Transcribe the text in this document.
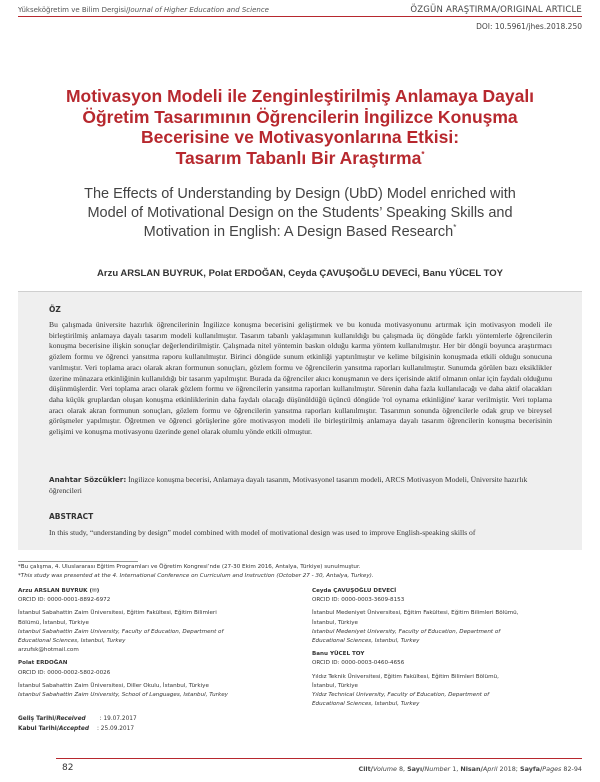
Yükseköğretim ve Bilim Dergisi/Journal of Higher Education and Science	ÖZGÜN ARAŞTIRMA/ORIGINAL ARTICLE
DOI: 10.5961/jhes.2018.250
Motivasyon Modeli ile Zenginleştirilmiş Anlamaya Dayalı
Öğretim Tasarımının Öğrencilerin İngilizce Konuşma
Becerisine ve Motivasyonlarına Etkisi:
Tasarım Tabanlı Bir Araştırma*
The Effects of Understanding by Design (UbD) Model enriched with
Model of Motivational Design on the Students’ Speaking Skills and
Motivation in English: A Design Based Research*
Arzu ARSLAN BUYRUK, Polat ERDOĞAN, Ceyda ÇAVUŞOĞLU DEVECİ, Banu YÜCEL TOY
ÖZ
Bu çalışmada üniversite hazırlık öğrencilerinin İngilizce konuşma becerisini geliştirmek ve bu konuda motivasyonunu artırmak için motivasyon modeli ile birleştirilmiş anlamaya dayalı tasarım modeli kullanılmıştır. Tasarım tabanlı yaklaşımının kullanıldığı bu çalışmada üç döngüde farklı yöntemlerle öğrencilerin konuşma becerisine ilişkin sonuçlar değerlendirilmiştir. Çalışmada nitel yöntemin baskın olduğu karma yöntem kullanılmıştır. Her bir döngü boyunca araştırmacı gözlem formu ve öğrenci yansıtma raporu kullanılmıştır. Birinci döngüde sunum etkinliği yaptırılmıştır ve kelime bilgisinin konuşmada etkili olduğu sonucuna varılmıştır. Veri toplama aracı olarak akran formunun sonuçları, gözlem formu ve öğrencilerin yansıtma raporları kullanılmıştır. Sunumda görülen bazı eksiklikler üzerine münazara etkinliğinin kullanıldığı bir tasarım yapılmıştır. Burada da öğrenciler akıcı konuşmanın ve ders içerisinde aktif olmanın onlar için faydalı olduğunu düşünmüşlerdir. Veri toplama aracı olarak gözlem formu ve öğrencilerin yansıtma raporları kullanılmıştır. Sürenin daha fazla kullanılacağı ve daha aktif olacakları daha küçük gruplardan oluşan konuşma etkinliklerinin daha faydalı olacağı düşünüldüğü üçüncü döngüde 'rol oynama etkinliğine' karar verilmiştir. Veri toplama aracı olarak akran formunun sonuçları, gözlem formu ve öğrencilerin yansıtma raporları kullanılmıştır. Tasarımın sonunda öğrencilerle odak grup ve bireysel görüşmeler yapılmıştır. Öğretmen ve öğrenci görüşlerine göre motivasyon modeli ile birleştirilmiş anlamaya dayalı tasarım öğrencilerin konuşma becerisinin gelişimi ve konuşma motivasyonu üzerinde genel olarak olumlu yönde etkili olmuştur.
Anahtar Sözcükler: İngilizce konuşma becerisi, Anlamaya dayalı tasarım, Motivasyonel tasarım modeli, ARCS Motivasyon Modeli, Üniversite hazırlık öğrencileri
ABSTRACT
In this study, “understanding by design” model combined with model of motivational design was used to improve English-speaking skills of
*Bu çalışma, 4. Uluslararası Eğitim Programları ve Öğretim Kongresi’nde (27-30 Ekim 2016, Antalya, Türkiye) sunulmuştur.
*This study was presented at the 4. International Conference on Curriculum and Instruction (October 27 - 30, Antalya, Turkey).
Arzu ARSLAN BUYRUK (✉)
ORCID ID: 0000-0001-8892-6972
İstanbul Sabahattin Zaim Üniversitesi, Eğitim Fakültesi, Eğitim Bilimleri
Bölümü, İstanbul, Türkiye
Istanbul Sabahattin Zaim University, Faculty of Education, Department of
Educational Sciences, Istanbul, Turkey
arzufsk@hotmail.com
Polat ERDOĞAN
ORCID ID: 0000-0002-5802-0026
İstanbul Sabahattin Zaim Üniversitesi, Diller Okulu, İstanbul, Türkiye
Istanbul Sabahattin Zaim University, School of Languages, Istanbul, Turkey
Ceyda ÇAVUŞOĞLU DEVECİ
ORCID ID: 0000-0003-3609-8153
İstanbul Medeniyet Üniversitesi, Eğitim Fakültesi, Eğitim Bilimleri Bölümü,
İstanbul, Türkiye
Istanbul Medeniyet University, Faculty of Education, Department of
Educational Sciences, Istanbul, Turkey
Banu YÜCEL TOY
ORCID ID: 0000-0003-0460-4656
Yıldız Teknik Üniversitesi, Eğitim Fakültesi, Eğitim Bilimleri Bölümü,
İstanbul, Türkiye
Yıldız Technical University, Faculty of Education, Department of
Educational Sciences, Istanbul, Turkey
Geliş Tarihi/Received : 19.07.2017
Kabul Tarihi/Accepted : 25.09.2017
82	Cilt/Volume 8, Sayı/Number 1, Nisan/April 2018; Sayfa/Pages 82-94
